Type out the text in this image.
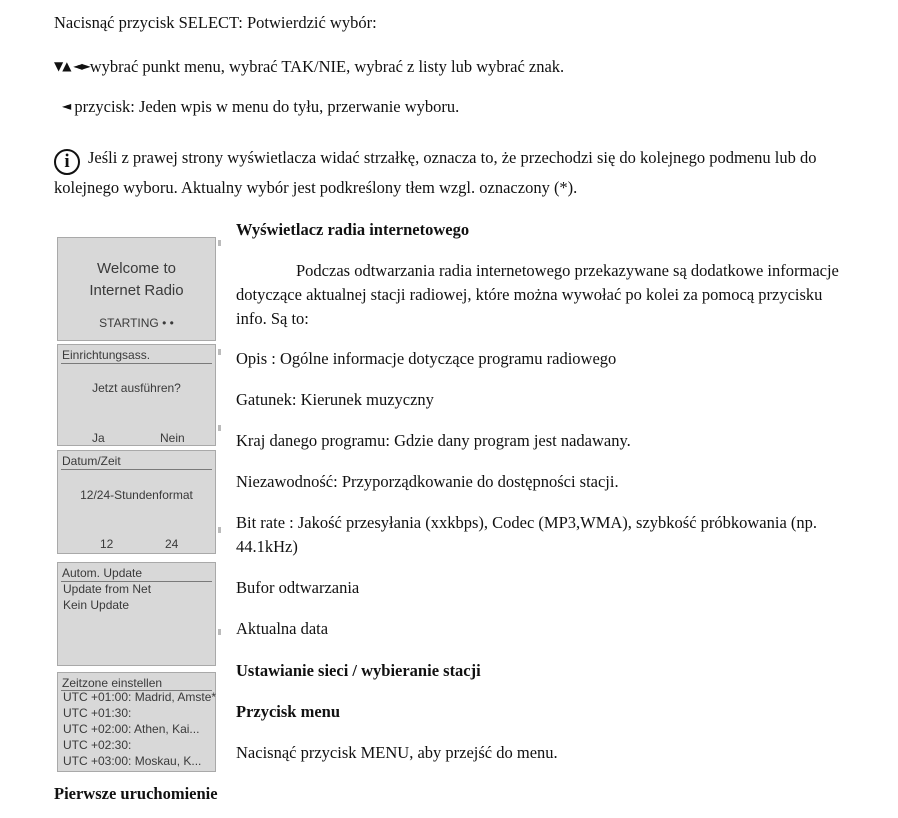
Nacisnąć przycisk SELECT: Potwierdzić wybór:
▼▲ ◄►wybrać punkt menu, wybrać TAK/NIE, wybrać z listy lub wybrać znak.
◄ przycisk: Jeden wpis w menu do tyłu, przerwanie wyboru.
i Jeśli z prawej strony wyświetlacza widać strzałkę, oznacza to, że przechodzi się do kolejnego podmenu lub do kolejnego wyboru. Aktualny wybór jest podkreślony tłem wzgl. oznaczony (*).

Wyświetlacz radia internetowego

Podczas odtwarzania radia internetowego przekazywane są dodatkowe informacje dotyczące aktualnej stacji radiowej, które można wywołać po kolei za pomocą przycisku info. Są to:

Opis : Ogólne informacje dotyczące programu radiowego

Gatunek: Kierunek muzyczny

Kraj danego programu: Gdzie dany program jest nadawany.

Niezawodność: Przyporządkowanie do dostępności stacji.

Bit rate : Jakość przesyłania (xxkbps), Codec (MP3,WMA), szybkość próbkowania (np. 44.1kHz)

Bufor odtwarzania

Aktualna data

Ustawianie sieci / wybieranie stacji

Przycisk menu

Nacisnąć przycisk MENU, aby przejść do menu.

Welcome to
Internet Radio
STARTING • •
Einrichtungsass.
Jetzt ausführen?
Ja	Nein
Datum/Zeit
12/24-Stundenformat
12	24
Autom. Update
Update from Net
Kein Update
Zeitzone einstellen
UTC +01:00: Madrid, Amste*
UTC +01:30:
UTC +02:00: Athen, Kai...
UTC +02:30:
UTC +03:00: Moskau, K...
Pierwsze uruchomienie
